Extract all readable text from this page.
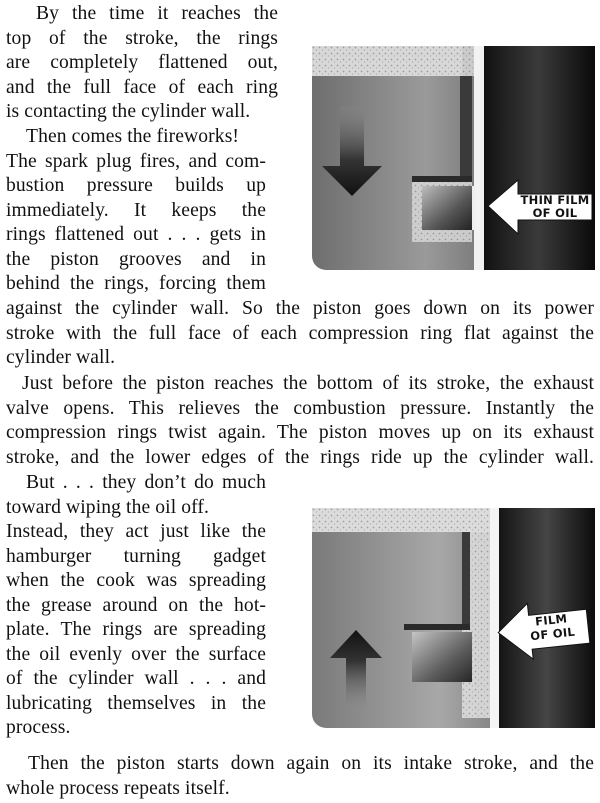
By the time it reaches the
top of the stroke, the rings
are completely flattened out,
and the full face of each ring
is contacting the cylinder wall.

Then comes the fireworks!
The spark plug fires, and com-
bustion pressure builds up
immediately. It keeps the
rings flattened out . . . gets in
the piston grooves and in
behind the rings, forcing them

against the cylinder wall. So the piston goes down on its power
stroke with the full face of each compression ring flat against the
cylinder wall.

Just before the piston reaches the bottom of its stroke, the exhaust
valve opens. This relieves the combustion pressure. Instantly the
compression rings twist again. The piston moves up on its exhaust
stroke, and the lower edges of the rings ride up the cylinder wall.

But . . . they don’t do much
toward wiping the oil off.
Instead, they act just like the
hamburger turning gadget
when the cook was spreading
the grease around on the hot-
plate. The rings are spreading
the oil evenly over the surface
of the cylinder wall . . . and
lubricating themselves in the
process.

Then the piston starts down again on its intake stroke, and the
whole process repeats itself.

THIN FILM
OF OIL
FILM
OF OIL
